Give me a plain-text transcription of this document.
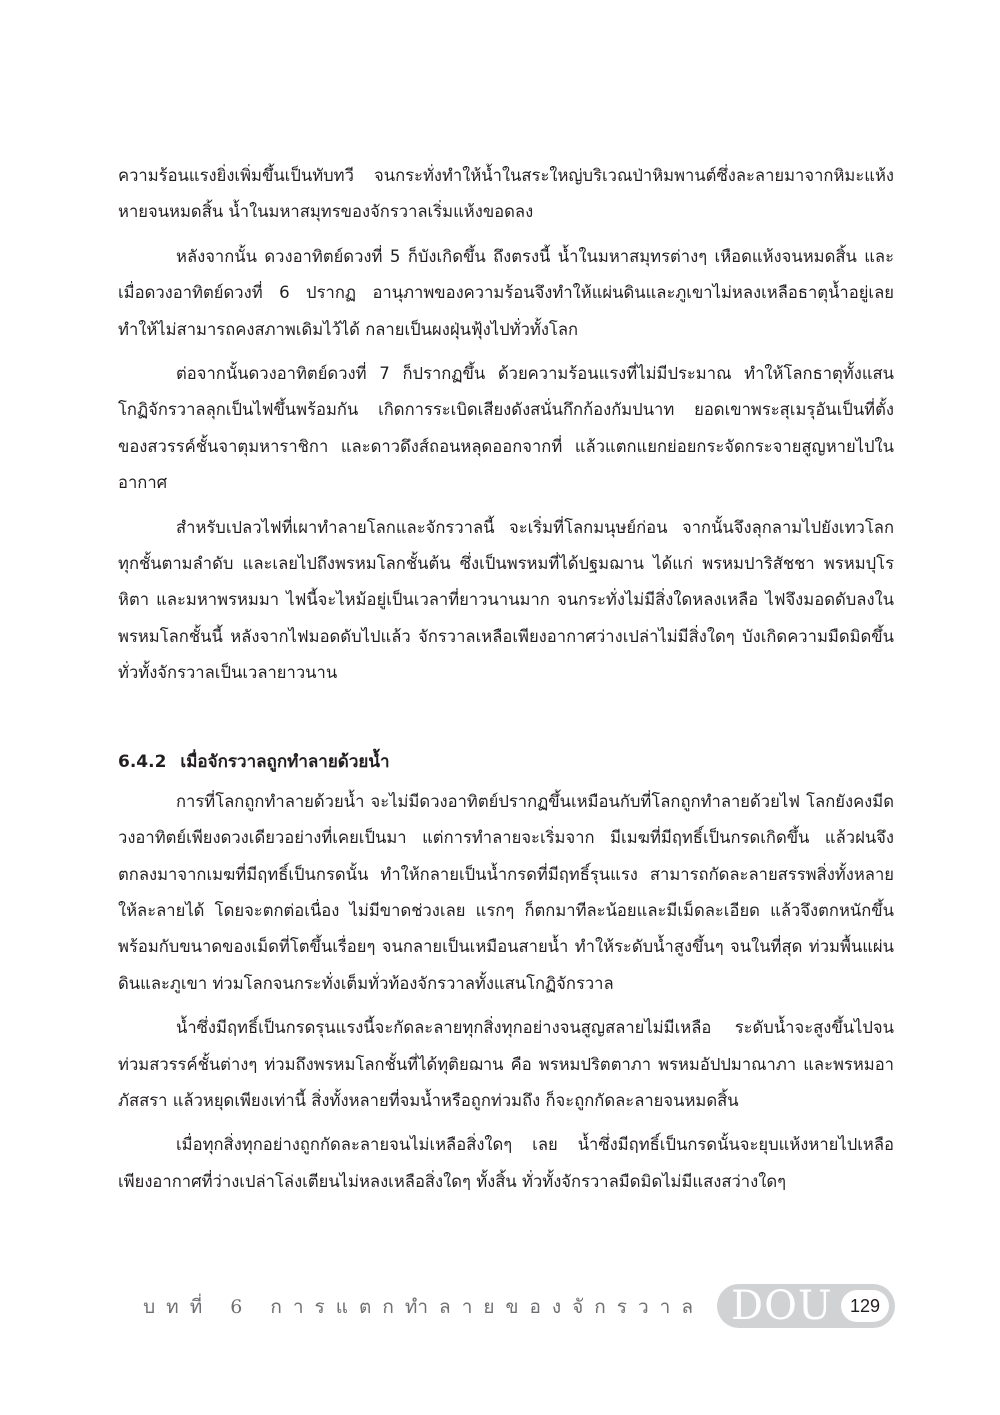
ความร้อนแรงยิ่งเพิ่มขึ้นเป็นทับทวี จนกระทั่งทำให้น้ำในสระใหญ่บริเวณป่าหิมพานต์ซึ่งละลายมาจากหิมะแห้งหายจนหมดสิ้น น้ำในมหาสมุทรของจักรวาลเริ่มแห้งขอดลง

หลังจากนั้น ดวงอาทิตย์ดวงที่ 5 ก็บังเกิดขึ้น ถึงตรงนี้ น้ำในมหาสมุทรต่างๆ เหือดแห้งจนหมดสิ้น และเมื่อดวงอาทิตย์ดวงที่ 6 ปรากฏ อานุภาพของความร้อนจึงทำให้แผ่นดินและภูเขาไม่หลงเหลือธาตุน้ำอยู่เลย ทำให้ไม่สามารถคงสภาพเดิมไว้ได้ กลายเป็นผงฝุ่นฟุ้งไปทั่วทั้งโลก

ต่อจากนั้นดวงอาทิตย์ดวงที่ 7 ก็ปรากฏขึ้น ด้วยความร้อนแรงที่ไม่มีประมาณ ทำให้โลกธาตุทั้งแสนโกฏิจักรวาลลุกเป็นไฟขึ้นพร้อมกัน เกิดการระเบิดเสียงดังสนั่นกึกก้องกัมปนาท ยอดเขาพระสุเมรุอันเป็นที่ตั้งของสวรรค์ชั้นจาตุมหาราชิกา และดาวดึงส์ถอนหลุดออกจากที่ แล้วแตกแยกย่อยกระจัดกระจายสูญหายไปในอากาศ

สำหรับเปลวไฟที่เผาทำลายโลกและจักรวาลนี้ จะเริ่มที่โลกมนุษย์ก่อน จากนั้นจึงลุกลามไปยังเทวโลกทุกชั้นตามลำดับ และเลยไปถึงพรหมโลกชั้นต้น ซึ่งเป็นพรหมที่ได้ปฐมฌาน ได้แก่ พรหมปาริสัชชา พรหมปุโรหิตา และมหาพรหมมา ไฟนี้จะไหม้อยู่เป็นเวลาที่ยาวนานมาก จนกระทั่งไม่มีสิ่งใดหลงเหลือ ไฟจึงมอดดับลงในพรหมโลกชั้นนี้ หลังจากไฟมอดดับไปแล้ว จักรวาลเหลือเพียงอากาศว่างเปล่าไม่มีสิ่งใดๆ บังเกิดความมืดมิดขึ้นทั่วทั้งจักรวาลเป็นเวลายาวนาน

6.4.2 เมื่อจักรวาลถูกทำลายด้วยน้ำ

การที่โลกถูกทำลายด้วยน้ำ จะไม่มีดวงอาทิตย์ปรากฏขึ้นเหมือนกับที่โลกถูกทำลายด้วยไฟ โลกยังคงมีดวงอาทิตย์เพียงดวงเดียวอย่างที่เคยเป็นมา แต่การทำลายจะเริ่มจาก มีเมฆที่มีฤทธิ์เป็นกรดเกิดขึ้น แล้วฝนจึงตกลงมาจากเมฆที่มีฤทธิ์เป็นกรดนั้น ทำให้กลายเป็นน้ำกรดที่มีฤทธิ์รุนแรง สามารถกัดละลายสรรพสิ่งทั้งหลายให้ละลายได้ โดยจะตกต่อเนื่อง ไม่มีขาดช่วงเลย แรกๆ ก็ตกมาทีละน้อยและมีเม็ดละเอียด แล้วจึงตกหนักขึ้น พร้อมกับขนาดของเม็ดที่โตขึ้นเรื่อยๆ จนกลายเป็นเหมือนสายน้ำ ทำให้ระดับน้ำสูงขึ้นๆ จนในที่สุด ท่วมพื้นแผ่นดินและภูเขา ท่วมโลกจนกระทั่งเต็มทั่วท้องจักรวาลทั้งแสนโกฏิจักรวาล

น้ำซึ่งมีฤทธิ์เป็นกรดรุนแรงนี้จะกัดละลายทุกสิ่งทุกอย่างจนสูญสลายไม่มีเหลือ ระดับน้ำจะสูงขึ้นไปจนท่วมสวรรค์ชั้นต่างๆ ท่วมถึงพรหมโลกชั้นที่ได้ทุติยฌาน คือ พรหมปริตตาภา พรหมอัปปมาณาภา และพรหมอาภัสสรา แล้วหยุดเพียงเท่านี้ สิ่งทั้งหลายที่จมน้ำหรือถูกท่วมถึง ก็จะถูกกัดละลายจนหมดสิ้น

เมื่อทุกสิ่งทุกอย่างถูกกัดละลายจนไม่เหลือสิ่งใดๆ เลย น้ำซึ่งมีฤทธิ์เป็นกรดนั้นจะยุบแห้งหายไปเหลือเพียงอากาศที่ว่างเปล่าโล่งเตียนไม่หลงเหลือสิ่งใดๆ ทั้งสิ้น ทั่วทั้งจักรวาลมืดมิดไม่มีแสงสว่างใดๆ

บทที่ 6 การแตกทำลายของจักรวาล DOU 129
